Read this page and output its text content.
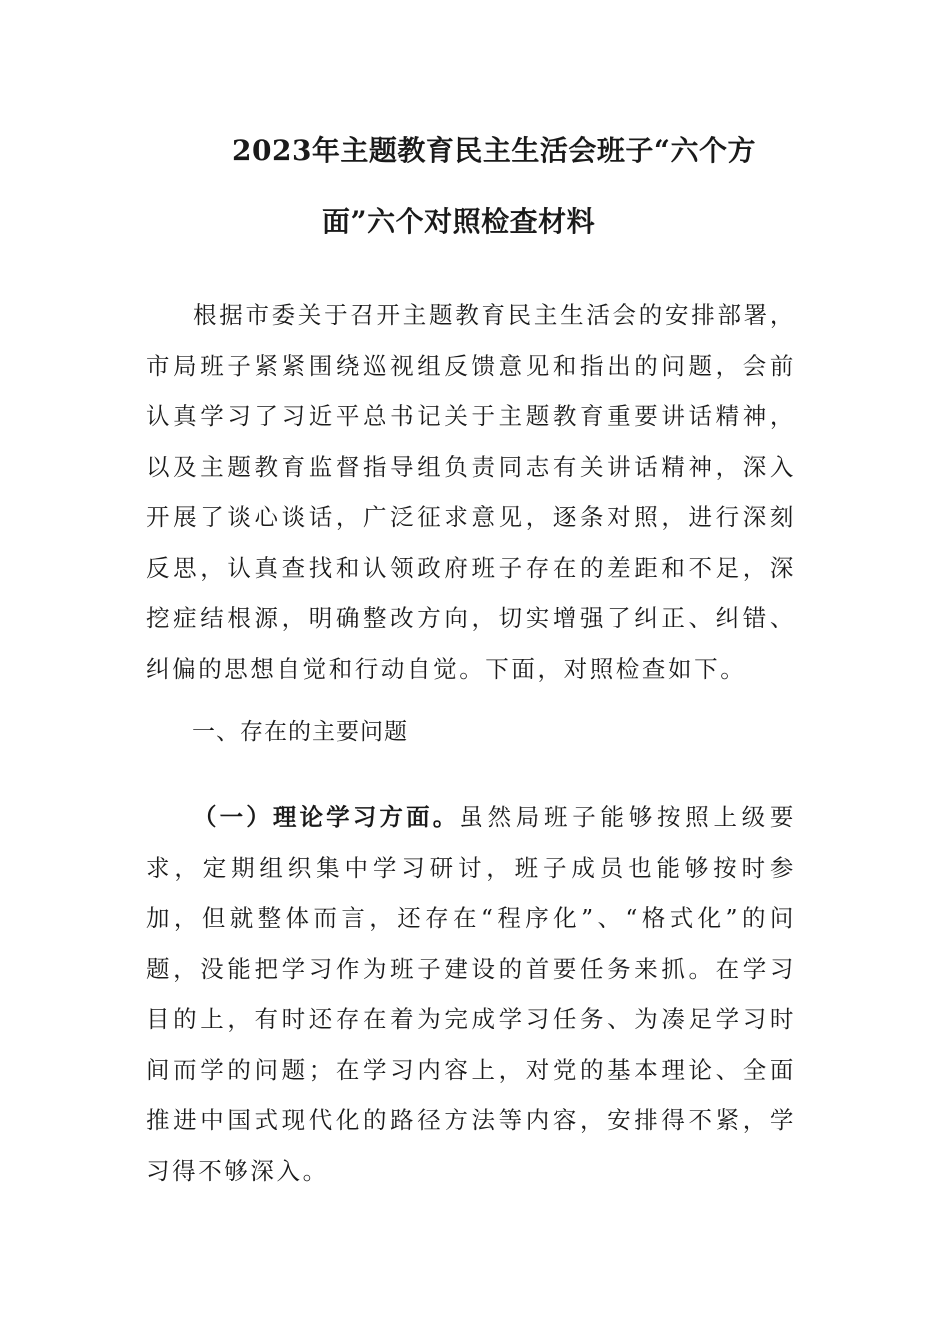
2023年主题教育民主生活会班子“六个方
面”六个对照检查材料

根据市委关于召开主题教育民主生活会的安排部署，市局班子紧紧围绕巡视组反馈意见和指出的问题，会前认真学习了习近平总书记关于主题教育重要讲话精神，以及主题教育监督指导组负责同志有关讲话精神，深入开展了谈心谈话，广泛征求意见，逐条对照，进行深刻反思，认真查找和认领政府班子存在的差距和不足，深挖症结根源，明确整改方向，切实增强了纠正、纠错、纠偏的思想自觉和行动自觉。下面，对照检查如下。

一、存在的主要问题

（一）理论学习方面。虽然局班子能够按照上级要求，定期组织集中学习研讨，班子成员也能够按时参加，但就整体而言，还存在“程序化”、“格式化”的问题，没能把学习作为班子建设的首要任务来抓。在学习目的上，有时还存在着为完成学习任务、为凑足学习时间而学的问题；在学习内容上，对党的基本理论、全面推进中国式现代化的路径方法等内容，安排得不紧，学习得不够深入。
